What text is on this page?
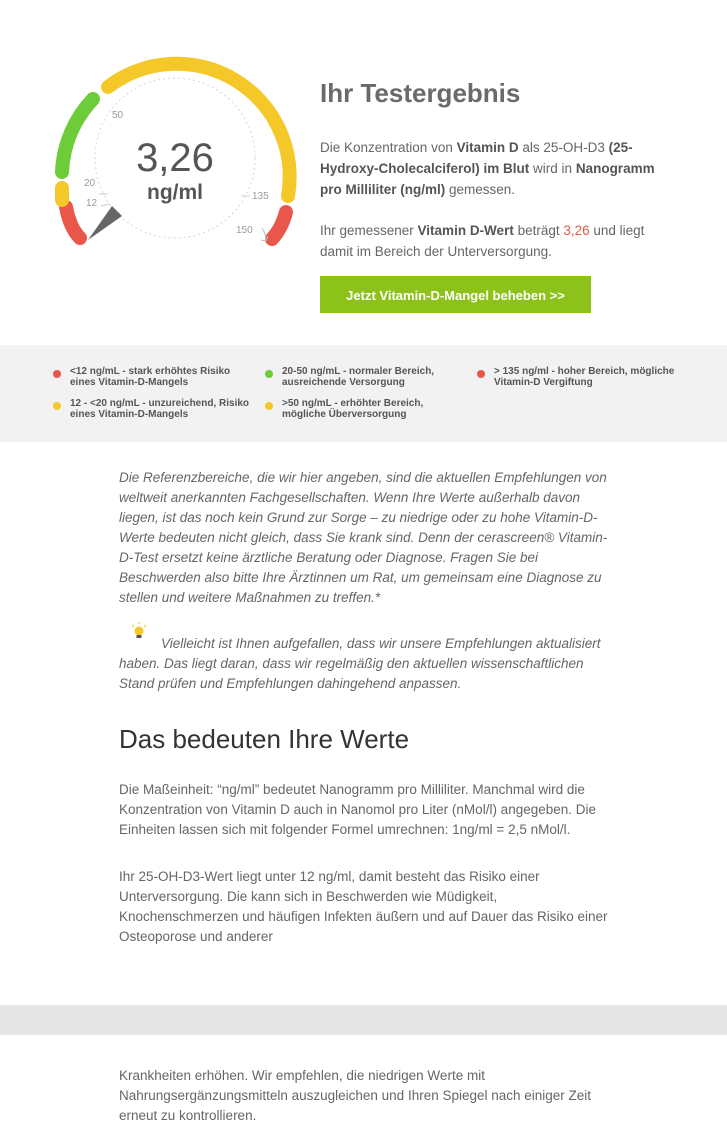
50
20
12
135
150
3,26
ng/ml
Ihr Testergebnis

Die Konzentration von Vitamin D als 25-OH-D3 (25-Hydroxy-Cholecalciferol) im Blut wird in Nanogramm pro Milliliter (ng/ml) gemessen.

Ihr gemessener Vitamin D-Wert beträgt 3,26 und liegt damit im Bereich der Unterversorgung.

Jetzt Vitamin-D-Mangel beheben >>
<12 ng/mL - stark erhöhtes Risiko eines Vitamin-D-Mangels
20-50 ng/mL - normaler Bereich, ausreichende Versorgung
> 135 ng/ml - hoher Bereich, mögliche Vitamin-D Vergiftung
12 - <20 ng/mL - unzureichend, Risiko eines Vitamin-D-Mangels
>50 ng/mL - erhöhter Bereich, mögliche Überversorgung

Die Referenzbereiche, die wir hier angeben, sind die aktuellen Empfehlungen von weltweit anerkannten Fachgesellschaften. Wenn Ihre Werte außerhalb davon liegen, ist das noch kein Grund zur Sorge – zu niedrige oder zu hohe Vitamin-D-Werte bedeuten nicht gleich, dass Sie krank sind. Denn der cerascreen® Vitamin-D-Test ersetzt keine ärztliche Beratung oder Diagnose. Fragen Sie bei Beschwerden also bitte Ihre Ärztinnen um Rat, um gemeinsam eine Diagnose zu stellen und weitere Maßnahmen zu treffen.*

Vielleicht ist Ihnen aufgefallen, dass wir unsere Empfehlungen aktualisiert haben. Das liegt daran, dass wir regelmäßig den aktuellen wissenschaftlichen Stand prüfen und Empfehlungen dahingehend anpassen.

Das bedeuten Ihre Werte

Die Maßeinheit: “ng/ml” bedeutet Nanogramm pro Milliliter. Manchmal wird die Konzentration von Vitamin D auch in Nanomol pro Liter (nMol/l) angegeben. Die Einheiten lassen sich mit folgender Formel umrechnen: 1ng/ml = 2,5 nMol/l.

Ihr 25-OH-D3-Wert liegt unter 12 ng/ml, damit besteht das Risiko einer Unterversorgung. Die kann sich in Beschwerden wie Müdigkeit, Knochenschmerzen und häufigen Infekten äußern und auf Dauer das Risiko einer Osteoporose und anderer

Krankheiten erhöhen. Wir empfehlen, die niedrigen Werte mit Nahrungsergänzungsmitteln auszugleichen und Ihren Spiegel nach einiger Zeit erneut zu kontrollieren.
